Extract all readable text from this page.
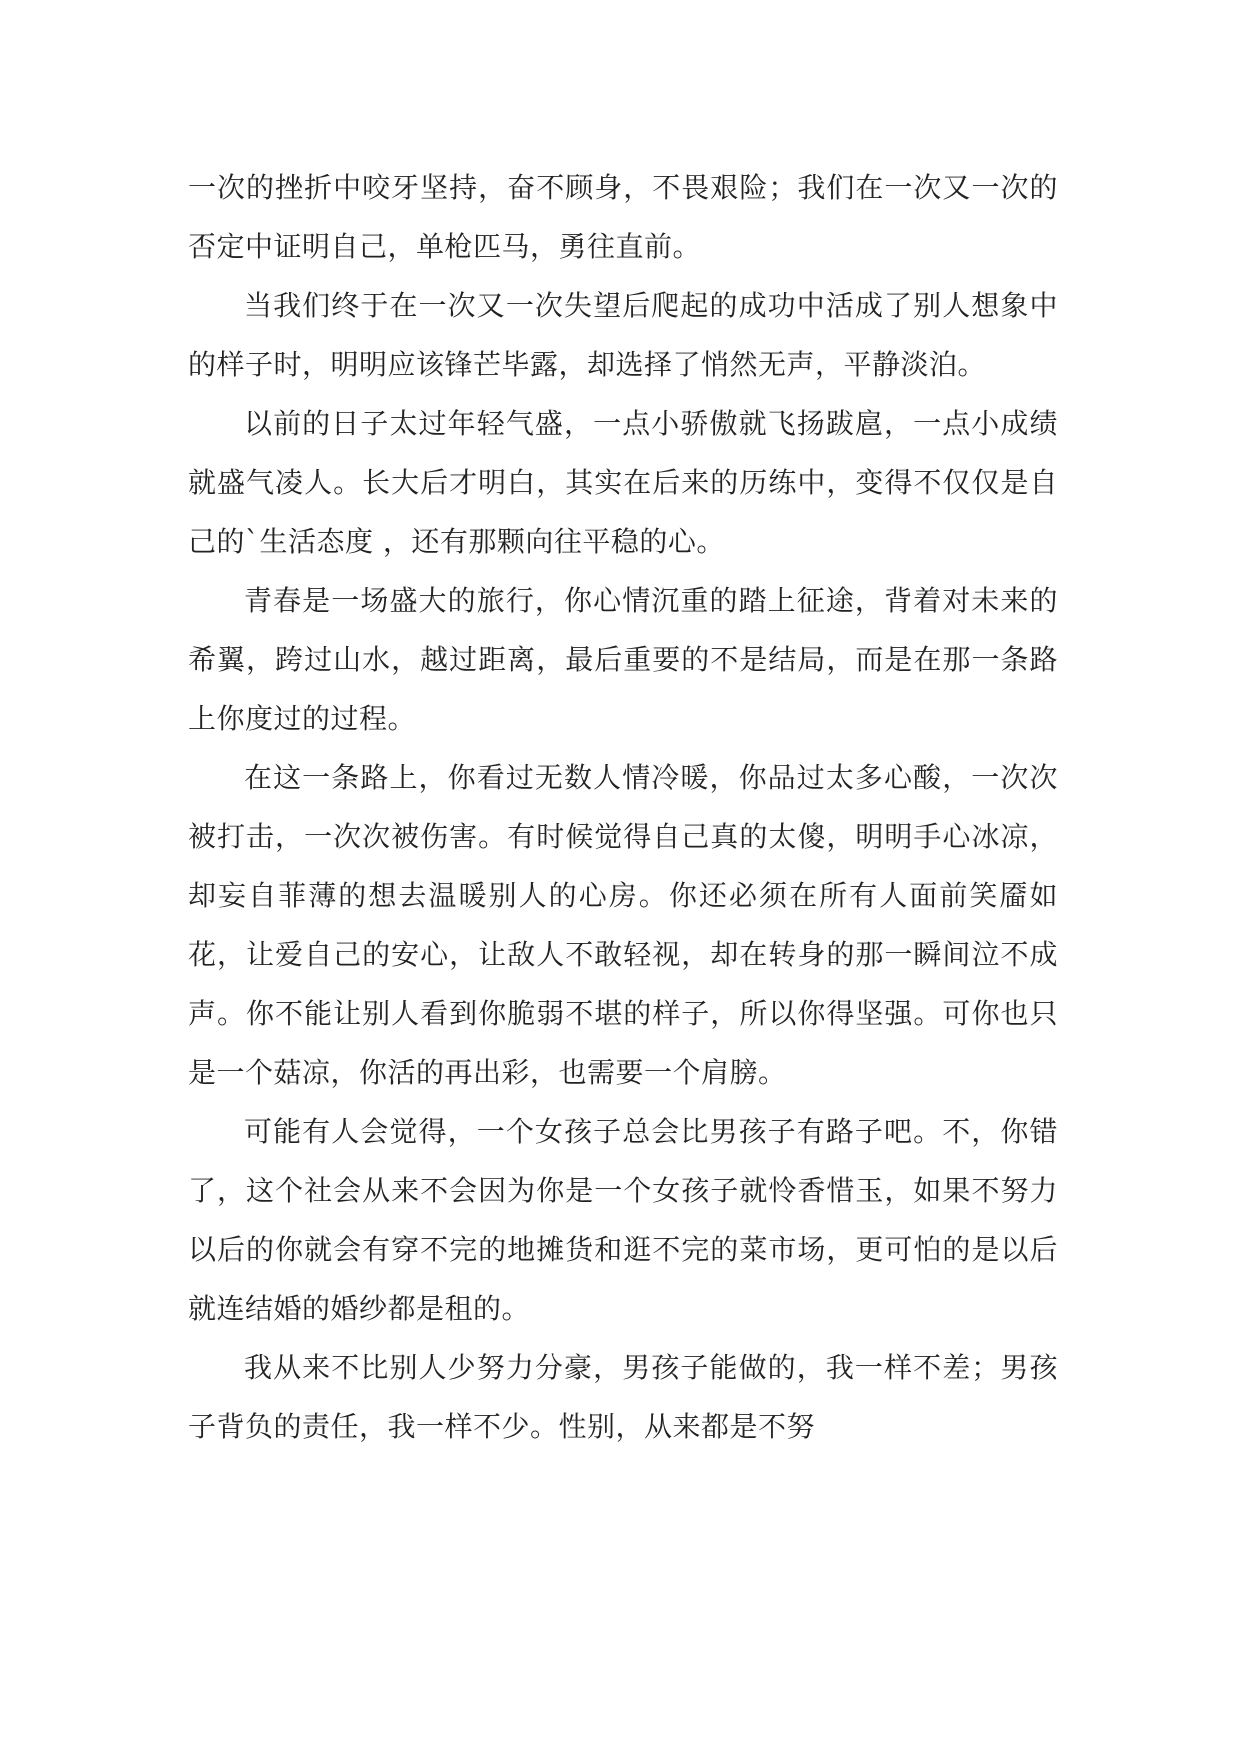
一次的挫折中咬牙坚持，奋不顾身，不畏艰险；我们在一次又一次的否定中证明自己，单枪匹马，勇往直前。

当我们终于在一次又一次失望后爬起的成功中活成了别人想象中的样子时，明明应该锋芒毕露，却选择了悄然无声，平静淡泊。

以前的日子太过年轻气盛，一点小骄傲就飞扬跋扈，一点小成绩就盛气凌人。长大后才明白，其实在后来的历练中，变得不仅仅是自己的`生活态度 ，还有那颗向往平稳的心。

青春是一场盛大的旅行，你心情沉重的踏上征途，背着对未来的希翼，跨过山水，越过距离，最后重要的不是结局，而是在那一条路上你度过的过程。

在这一条路上，你看过无数人情冷暖，你品过太多心酸，一次次被打击，一次次被伤害。有时候觉得自己真的太傻，明明手心冰凉，却妄自菲薄的想去温暖别人的心房。你还必须在所有人面前笑靥如花，让爱自己的安心，让敌人不敢轻视，却在转身的那一瞬间泣不成声。你不能让别人看到你脆弱不堪的样子，所以你得坚强。可你也只是一个菇凉，你活的再出彩，也需要一个肩膀。

可能有人会觉得，一个女孩子总会比男孩子有路子吧。不，你错了，这个社会从来不会因为你是一个女孩子就怜香惜玉，如果不努力以后的你就会有穿不完的地摊货和逛不完的菜市场，更可怕的是以后就连结婚的婚纱都是租的。

我从来不比别人少努力分豪，男孩子能做的，我一样不差；男孩子背负的责任，我一样不少。性别，从来都是不努
